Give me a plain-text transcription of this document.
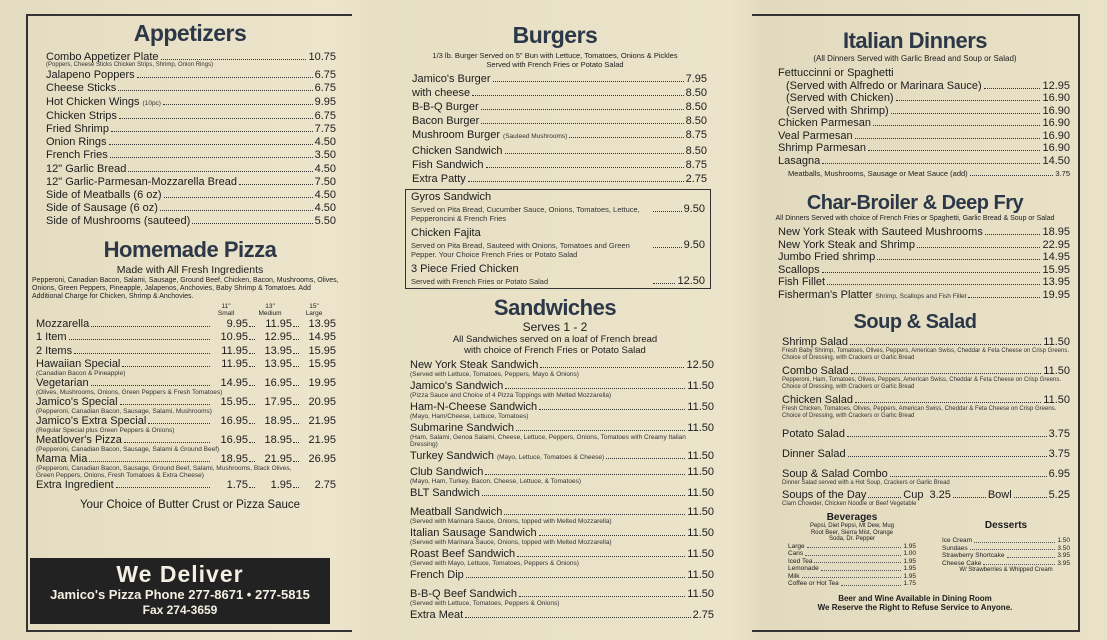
Appetizers
Combo Appetizer Plate	10.75
(Poppers, Cheese Sticks Chicken Strips, Shrimp, Onion Rings)
Jalapeno Poppers	6.75
Cheese Sticks	6.75
Hot Chicken Wings (10pc)	9.95
Chicken Strips	6.75
Fried Shrimp	7.75
Onion Rings	4.50
French Fries	3.50
12" Garlic Bread	4.50
12" Garlic-Parmesan-Mozzarella Bread	7.50
Side of Meatballs (6 oz)	4.50
Side of Sausage (6 oz)	4.50
Side of Mushrooms (sauteed)	5.50
Homemade Pizza
Made with All Fresh Ingredients
Pepperoni, Canadian Bacon, Salami, Sausage, Ground Beef, Chicken, Bacon, Mushrooms, Olives, Onions, Green Peppers, Pineapple, Jalapenos, Anchovies, Baby Shrimp & Tomatoes. Add Additional Charge for Chicken, Shrimp & Anchovies.
11"
Small
13"
Medium
15"
Large
Mozzarella	9.95	11.95	13.95
1 Item	10.95	12.95	14.95
2 Items	11.95	13.95	15.95
Hawaiian Special	11.95	13.95	15.95
(Canadian Bacon & Pineapple)
Vegetarian	14.95	16.95	19.95
(Olives, Mushrooms, Onions, Green Peppers & Fresh Tomatoes)
Jamico's Special	15.95	17.95	20.95
(Pepperoni, Canadian Bacon, Sausage, Salami, Mushrooms)
Jamico's Extra Special	16.95	18.95	21.95
(Regular Special plus Green Peppers & Onions)
Meatlover's Pizza	16.95	18.95	21.95
(Pepperoni, Canadian Bacon, Sausage, Salami & Ground Beef)
Mama Mia	18.95	21.95	26.95
(Pepperoni, Canadian Bacon, Sausage, Ground Beef, Salami, Mushrooms, Black Olives, Green Peppers, Onions, Fresh Tomatoes & Extra Cheese)
Extra Ingredient	1.75	1.95	2.75
Your Choice of Butter Crust or Pizza Sauce
We Deliver
Jamico's Pizza Phone 277-8671 • 277-5815
Fax 274-3659
Burgers
1/3 lb. Burger Served on 5" Bun with Lettuce, Tomatoes, Onions & Pickles
Served with French Fries or Potato Salad
Jamico's Burger	7.95
with cheese	8.50
B-B-Q Burger	8.50
Bacon Burger	8.50
Mushroom Burger (Sauteed Mushrooms)	8.75
Chicken Sandwich	8.50
Fish Sandwich	8.75
Extra Patty	2.75
Gyros Sandwich
Served on Pita Bread, Cucumber Sauce, Onions, Tomatoes, Lettuce, Pepperoncini & French Fries
9.50
Chicken Fajita
Served on Pita Bread, Sauteed with Onions, Tomatoes and Green Pepper. Your Choice French Fries or Potato Salad
9.50
3 Piece Fried Chicken
Served with French Fries or Potato Salad	12.50
Sandwiches
Serves 1 - 2
All Sandwiches served on a loaf of French bread
with choice of French Fries or Potato Salad
New York Steak Sandwich	12.50
(Served with Lettuce, Tomatoes, Peppers, Mayo & Onions)
Jamico's Sandwich	11.50
(Pizza Sauce and Choice of 4 Pizza Toppings with Melted Mozzarella)
Ham-N-Cheese Sandwich	11.50
(Mayo, Ham/Cheese, Lettuce, Tomatoes)
Submarine Sandwich	11.50
(Ham, Salami, Genoa Salami, Cheese, Lettuce, Peppers, Onions, Tomatoes with Creamy Italian Dressing)
Turkey Sandwich (Mayo, Lettuce, Tomatoes & Cheese)	11.50
Club Sandwich	11.50
(Mayo, Ham, Turkey, Bacon, Cheese, Lettuce, & Tomatoes)
BLT Sandwich	11.50
Meatball Sandwich	11.50
(Served with Marinara Sauce, Onions, topped with Melted Mozzarella)
Italian Sausage Sandwich	11.50
(Served with Marinara Sauce, Onions, topped with Melted Mozzarella)
Roast Beef Sandwich	11.50
(Served with Mayo, Lettuce, Tomatoes, Peppers & Onions)
French Dip	11.50
B-B-Q Beef Sandwich	11.50
(Served with Lettuce, Tomatoes, Peppers & Onions)
Extra Meat	2.75
Italian Dinners
(All Dinners Served with Garlic Bread and Soup or Salad)
Fettuccinni or Spaghetti
(Served with Alfredo or Marinara Sauce)	12.95
(Served with Chicken)	16.90
(Served with Shrimp)	16.90
Chicken Parmesan	16.90
Veal Parmesan	16.90
Shrimp Parmesan	16.90
Lasagna	14.50
Meatballs, Mushrooms, Sausage or Meat Sauce (add)	3.75
Char-Broiler & Deep Fry
All Dinners Served with choice of French Fries or Spaghetti, Garlic Bread & Soup or Salad
New York Steak with Sauteed Mushrooms	18.95
New York Steak and Shrimp	22.95
Jumbo Fried shrimp	14.95
Scallops	15.95
Fish Fillet	13.95
Fisherman's Platter Shrimp, Scallops and Fish Fillet	19.95
Soup & Salad
Shrimp Salad	11.50
Fresh Baby Shrimp, Tomatoes, Olives, Peppers, American Swiss, Cheddar & Feta Cheese on Crisp Greens. Choice of Dressing, with Crackers or Garlic Bread
Combo Salad	11.50
Pepperoni, Ham, Tomatoes, Olives, Peppers, American Swiss, Cheddar & Feta Cheese on Crisp Greens. Choice of Dressing, with Crackers or Garlic Bread
Chicken Salad	11.50
Fresh Chicken, Tomatoes, Olives, Peppers, American Swiss, Cheddar & Feta Cheese on Crisp Greens. Choice of Dressing, with Crackers or Garlic Bread
Potato Salad	3.75
Dinner Salad	3.75
Soup & Salad Combo	6.95
Dinner Salad served with a Hot Soup, Crackers or Garlic Bread
Soups of the Day	Cup 3.25	Bowl	5.25
Clam Chowder, Chicken Noodle or Beef Vegetable
Beverages
Pepsi, Diet Pepsi, Mt Dew, Mug Root Beer, Sierra Mist, Orange Soda, Dr. Pepper
Large	1.95
Cans	1.00
Iced Tea	1.95
Lemonade	1.95
Milk	1.95
Coffee or Hot Tea	1.75
Desserts
Ice Cream	1.50
Sundaes	3.50
Strawberry Shortcake	3.95
Cheese Cake	3.95
W/ Strawberries & Whipped Cream
Beer and Wine Available in Dining Room
We Reserve the Right to Refuse Service to Anyone.
